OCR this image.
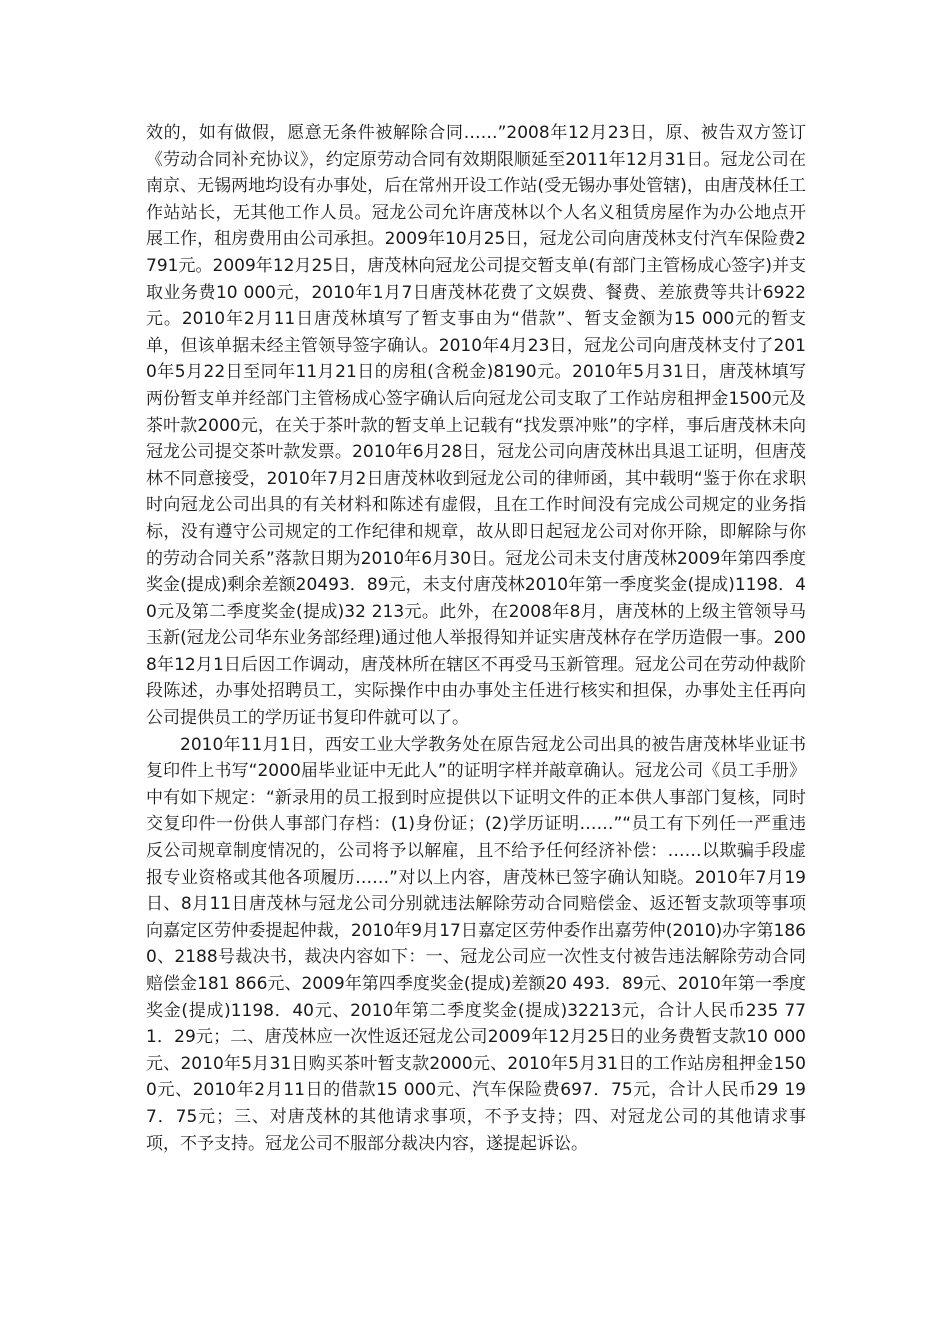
效的，如有做假，愿意无条件被解除合同……”2008年12月23日，原、被告双方签订《劳动合同补充协议》，约定原劳动合同有效期限顺延至2011年12月31日。冠龙公司在南京、无锡两地均设有办事处，后在常州开设工作站(受无锡办事处管辖)，由唐茂林任工作站站长，无其他工作人员。冠龙公司允许唐茂林以个人名义租赁房屋作为办公地点开展工作，租房费用由公司承担。2009年10月25日，冠龙公司向唐茂林支付汽车保险费2791元。2009年12月25日，唐茂林向冠龙公司提交暂支单(有部门主管杨成心签字)并支取业务费10 000元，2010年1月7日唐茂林花费了文娱费、餐费、差旅费等共计6922元。2010年2月11日唐茂林填写了暂支事由为“借款”、暂支金额为15 000元的暂支单，但该单据未经主管领导签字确认。2010年4月23日，冠龙公司向唐茂林支付了2010年5月22日至同年11月21日的房租(含税金)8190元。2010年5月31日，唐茂林填写两份暂支单并经部门主管杨成心签字确认后向冠龙公司支取了工作站房租押金1500元及茶叶款2000元，在关于茶叶款的暂支单上记载有“找发票冲账”的字样，事后唐茂林未向冠龙公司提交茶叶款发票。2010年6月28日，冠龙公司向唐茂林出具退工证明，但唐茂林不同意接受，2010年7月2日唐茂林收到冠龙公司的律师函，其中载明“鉴于你在求职时向冠龙公司出具的有关材料和陈述有虚假，且在工作时间没有完成公司规定的业务指标，没有遵守公司规定的工作纪律和规章，故从即日起冠龙公司对你开除，即解除与你的劳动合同关系”落款日期为2010年6月30日。冠龙公司未支付唐茂林2009年第四季度奖金(提成)剩余差额20493．89元，未支付唐茂林2010年第一季度奖金(提成)1198．40元及第二季度奖金(提成)32 213元。此外，在2008年8月，唐茂林的上级主管领导马玉新(冠龙公司华东业务部经理)通过他人举报得知并证实唐茂林存在学历造假一事。2008年12月1日后因工作调动，唐茂林所在辖区不再受马玉新管理。冠龙公司在劳动仲裁阶段陈述，办事处招聘员工，实际操作中由办事处主任进行核实和担保，办事处主任再向公司提供员工的学历证书复印件就可以了。

2010年11月1日，西安工业大学教务处在原告冠龙公司出具的被告唐茂林毕业证书复印件上书写“2000届毕业证中无此人”的证明字样并敲章确认。冠龙公司《员工手册》中有如下规定：“新录用的员工报到时应提供以下证明文件的正本供人事部门复核，同时交复印件一份供人事部门存档：(1)身份证；(2)学历证明……”“员工有下列任一严重违反公司规章制度情况的，公司将予以解雇，且不给予任何经济补偿：……以欺骗手段虚报专业资格或其他各项履历……”对以上内容，唐茂林已签字确认知晓。2010年7月19日、8月11日唐茂林与冠龙公司分别就违法解除劳动合同赔偿金、返还暂支款项等事项向嘉定区劳仲委提起仲裁，2010年9月17日嘉定区劳仲委作出嘉劳仲(2010)办字第1860、2188号裁决书，裁决内容如下：一、冠龙公司应一次性支付被告违法解除劳动合同赔偿金181 866元、2009年第四季度奖金(提成)差额20 493．89元、2010年第一季度奖金(提成)1198．40元、2010年第二季度奖金(提成)32213元，合计人民币235 771．29元；二、唐茂林应一次性返还冠龙公司2009年12月25日的业务费暂支款10 000元、2010年5月31日购买茶叶暂支款2000元、2010年5月31日的工作站房租押金1500元、2010年2月11日的借款15 000元、汽车保险费697．75元，合计人民币29 197．75元；三、对唐茂林的其他请求事项，不予支持；四、对冠龙公司的其他请求事项，不予支持。冠龙公司不服部分裁决内容，遂提起诉讼。
